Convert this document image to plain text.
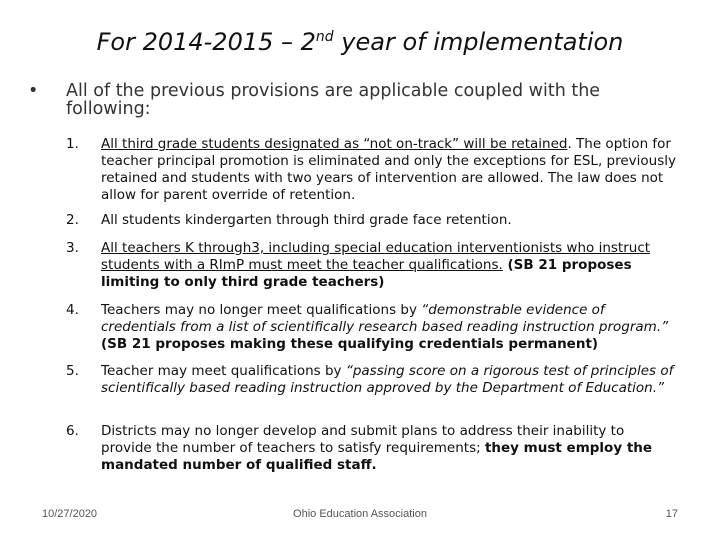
For 2014-2015 – 2nd year of implementation
•	All of the previous provisions are applicable coupled with the following:
1. All third grade students designated as “not on-track” will be retained. The option for teacher principal promotion is eliminated and only the exceptions for ESL, previously retained and students with two years of intervention are allowed. The law does not allow for parent override of retention.
2. All students kindergarten through third grade face retention.
3. All teachers K through3, including special education interventionists who instruct students with a RImP must meet the teacher qualifications. (SB 21 proposes limiting to only third grade teachers)
4. Teachers may no longer meet qualifications by “demonstrable evidence of credentials from a list of scientifically research based reading instruction program.” (SB 21 proposes making these qualifying credentials permanent)
5. Teacher may meet qualifications by “passing score on a rigorous test of principles of scientifically based reading instruction approved by the Department of Education.”
6. Districts may no longer develop and submit plans to address their inability to provide the number of teachers to satisfy requirements; they must employ the mandated number of qualified staff.
10/27/2020	Ohio Education Association	17
